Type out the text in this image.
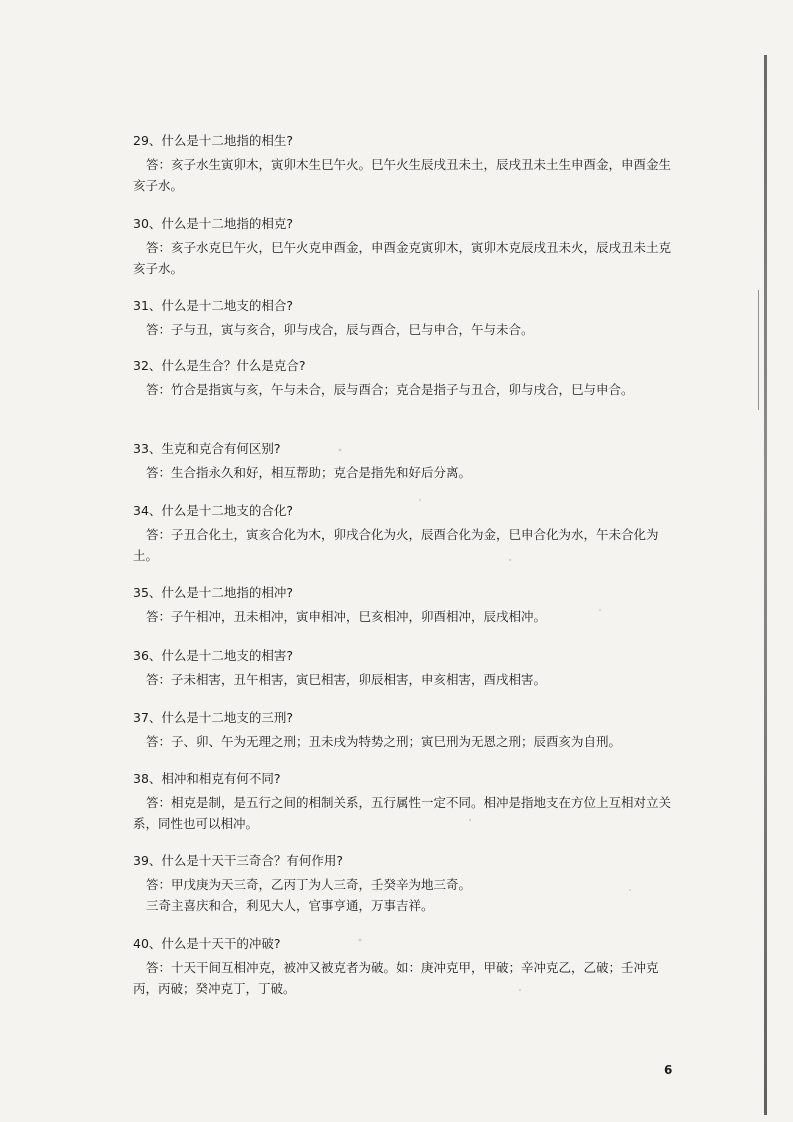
29、什么是十二地指的相生?
答：亥子水生寅卯木，寅卯木生巳午火。巳午火生辰戌丑未土，辰戌丑未土生申酉金，申酉金生亥子水。
30、什么是十二地指的相克?
答：亥子水克巳午火，巳午火克申酉金，申酉金克寅卯木，寅卯木克辰戌丑未火，辰戌丑未土克亥子水。
31、什么是十二地支的相合?
答：子与丑，寅与亥合，卯与戌合，辰与酉合，巳与申合，午与未合。
32、什么是生合？什么是克合?
答：竹合是指寅与亥，午与未合，辰与酉合；克合是指子与丑合，卯与戌合，巳与申合。
33、生克和克合有何区别?
答：生合指永久和好，相互帮助；克合是指先和好后分离。
34、什么是十二地支的合化?
答：子丑合化土，寅亥合化为木，卯戌合化为火，辰酉合化为金，巳申合化为水，午未合化为土。
35、什么是十二地指的相冲?
答：子午相冲，丑未相冲，寅申相冲，巳亥相冲，卯酉相冲，辰戌相冲。
36、什么是十二地支的相害?
答：子未相害，丑午相害，寅巳相害，卯辰相害，申亥相害，酉戌相害。
37、什么是十二地支的三刑?
答：子、卯、午为无理之刑；丑未戌为特势之刑；寅巳刑为无恩之刑；辰酉亥为自刑。
38、相冲和相克有何不同?
答：相克是制，是五行之间的相制关系，五行属性一定不同。相冲是指地支在方位上互相对立关系，同性也可以相冲。
39、什么是十天干三奇合？有何作用?
答：甲戊庚为天三奇，乙丙丁为人三奇，壬癸辛为地三奇。
三奇主喜庆和合，利见大人，官事亨通，万事吉祥。
40、什么是十天干的冲破?
答：十天干间互相冲克，被冲又被克者为破。如：庚冲克甲，甲破；辛冲克乙，乙破；壬冲克丙，丙破；癸冲克丁，丁破。
6
